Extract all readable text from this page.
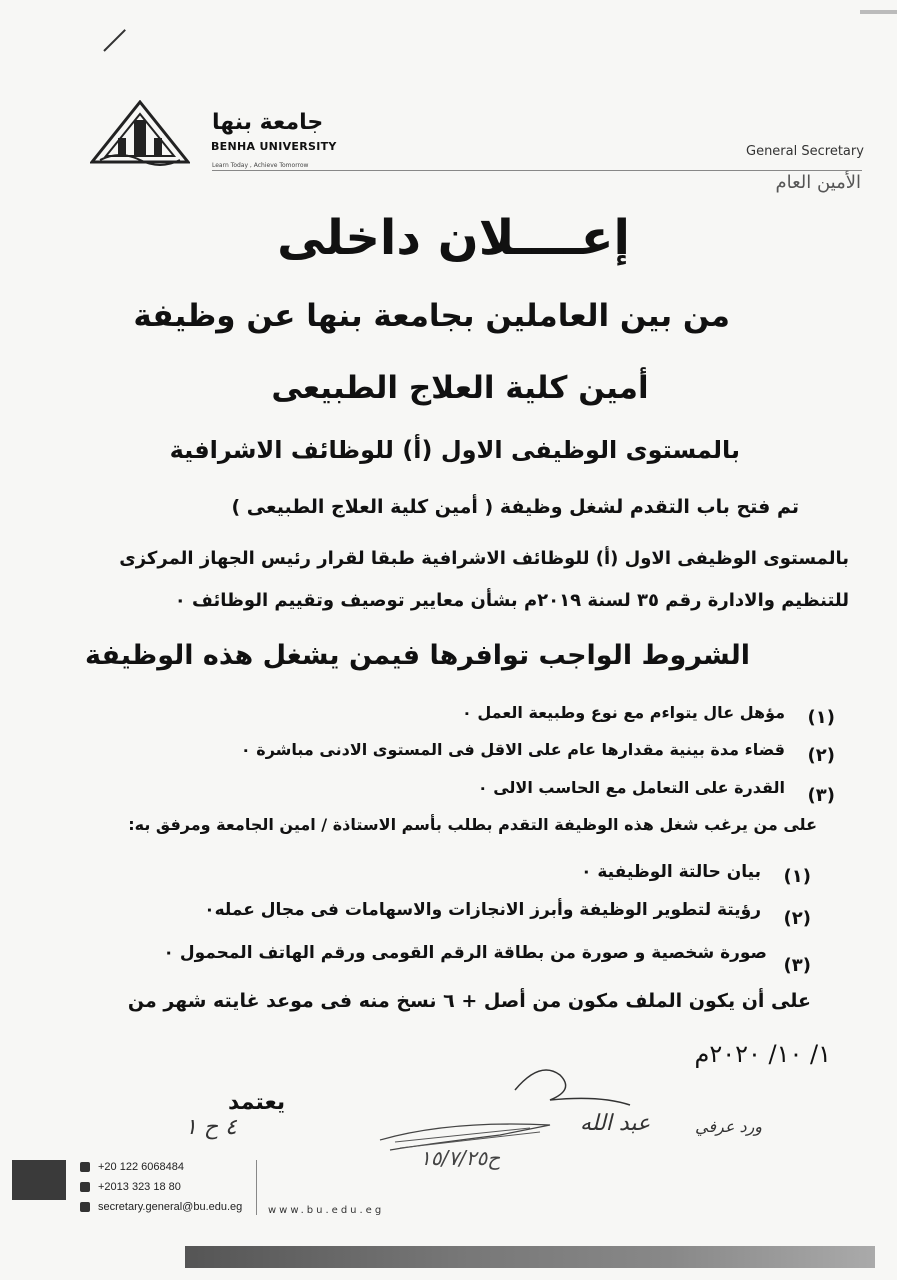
جامعة بنها
BENHA UNIVERSITY
Learn Today , Achieve Tomorrow
General Secretary
الأمين العام
إعــــلان داخلى
من بين العاملين بجامعة بنها عن وظيفة
أمين كلية العلاج الطبيعى
بالمستوى الوظيفى الاول (أ) للوظائف الاشرافية
تم فتح باب التقدم لشغل وظيفة ( أمين كلية العلاج الطبيعى )
بالمستوى الوظيفى الاول (أ) للوظائف الاشرافية طبقا لقرار رئيس الجهاز المركزى
للتنظيم والادارة رقم ٣٥ لسنة ٢٠١٩م بشأن معايير توصيف وتقييم الوظائف ٠
الشروط الواجب توافرها فيمن يشغل هذه الوظيفة
(١)
مؤهل عال يتواءم مع نوع وطبيعة العمل ٠
(٢)
قضاء مدة بينية مقدارها عام على الاقل فى المستوى الادنى مباشرة ٠
(٣)
القدرة على التعامل مع الحاسب الالى ٠
على من يرغب شغل هذه الوظيفة التقدم بطلب بأسم الاستاذة / امين الجامعة ومرفق به:
(١)
بيان حالتة الوظيفية ٠
(٢)
رؤيتة لتطوير الوظيفة وأبرز الانجازات والاسهامات فى مجال عمله٠
(٣)
صورة شخصية و صورة من بطاقة الرقم القومى ورقم الهاتف المحمول ٠
على أن يكون الملف مكون من أصل + ٦ نسخ منه فى موعد غايته شهر من
١/ ١٠/ ٢٠٢٠م
ح١٥/٧/٢٥
عبد الله	ورد عرفي
يعتمد
٤ ح ١
+20 122 6068484
+2013 323 18 80
secretary.general@bu.edu.eg	www.bu.edu.eg
